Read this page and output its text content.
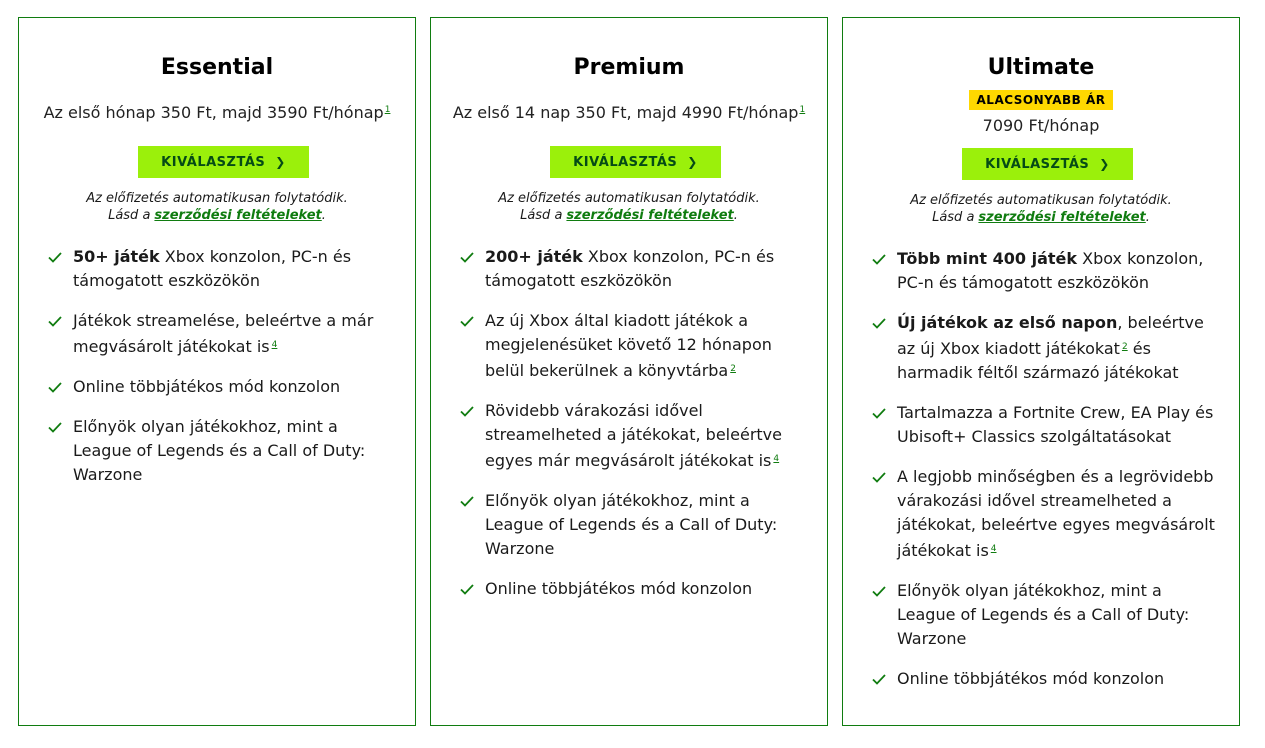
Essential
Az első hónap 350 Ft, majd 3590 Ft/hónap$^1$
KIVÁLASZTÁS ❯
Az előfizetés automatikusan folytatódik.
Lásd a szerződési feltételeket.
50+ játék Xbox konzolon, PC-n és támogatott eszközökön
Játékok streamelése, beleértve a már megvásárolt játékokat is $^4$
Online többjátékos mód konzolon
Előnyök olyan játékokhoz, mint a League of Legends és a Call of Duty: Warzone
Premium
Az első 14 nap 350 Ft, majd 4990 Ft/hónap$^1$
KIVÁLASZTÁS ❯
Az előfizetés automatikusan folytatódik.
Lásd a szerződési feltételeket.
200+ játék Xbox konzolon, PC-n és támogatott eszközökön
Az új Xbox által kiadott játékok a megjelenésüket követő 12 hónapon belül bekerülnek a könyvtárba $^2$
Rövidebb várakozási idővel streamelheted a játékokat, beleértve egyes már megvásárolt játékokat is $^4$
Előnyök olyan játékokhoz, mint a League of Legends és a Call of Duty: Warzone
Online többjátékos mód konzolon
Ultimate
ALACSONYABB ÁR
7090 Ft/hónap
KIVÁLASZTÁS ❯
Az előfizetés automatikusan folytatódik.
Lásd a szerződési feltételeket.
Több mint 400 játék Xbox konzolon, PC-n és támogatott eszközökön
Új játékok az első napon, beleértve az új Xbox kiadott játékokat $^2$ és harmadik féltől származó játékokat
Tartalmazza a Fortnite Crew, EA Play és Ubisoft+ Classics szolgáltatásokat
A legjobb minőségben és a legrövidebb várakozási idővel streamelheted a játékokat, beleértve egyes megvásárolt játékokat is $^4$
Előnyök olyan játékokhoz, mint a League of Legends és a Call of Duty: Warzone
Online többjátékos mód konzolon
